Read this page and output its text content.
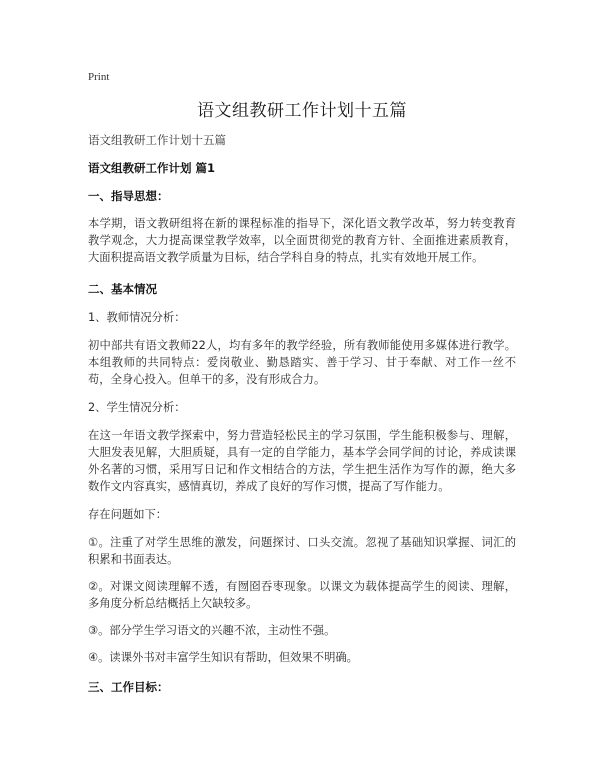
Print

语文组教研工作计划十五篇

语文组教研工作计划十五篇

语文组教研工作计划 篇1

一、指导思想：

本学期，语文教研组将在新的课程标准的指导下，深化语文教学改革，努力转变教育教学观念，大力提高课堂教学效率，以全面贯彻党的教育方针、全面推进素质教育，大面积提高语文教学质量为目标，结合学科自身的特点，扎实有效地开展工作。

二、基本情况

1、教师情况分析：

初中部共有语文教师22人，均有多年的教学经验，所有教师能使用多媒体进行教学。本组教师的共同特点：爱岗敬业、勤恳踏实、善于学习、甘于奉献、对工作一丝不苟，全身心投入。但单干的多，没有形成合力。

2、学生情况分析：

在这一年语文教学探索中，努力营造轻松民主的学习氛围，学生能积极参与、理解，大胆发表见解，大胆质疑，具有一定的自学能力，基本学会同学间的讨论，养成读课外名著的习惯，采用写日记和作文相结合的方法，学生把生活作为写作的源，绝大多数作文内容真实，感情真切，养成了良好的写作习惯，提高了写作能力。

存在问题如下：

①。注重了对学生思维的激发，问题探讨、口头交流。忽视了基础知识掌握、词汇的积累和书面表达。

②。对课文阅读理解不透，有囫囵吞枣现象。以课文为载体提高学生的阅读、理解，多角度分析总结概括上欠缺较多。

③。部分学生学习语文的兴趣不浓，主动性不强。

④。读课外书对丰富学生知识有帮助，但效果不明确。

三、工作目标：
